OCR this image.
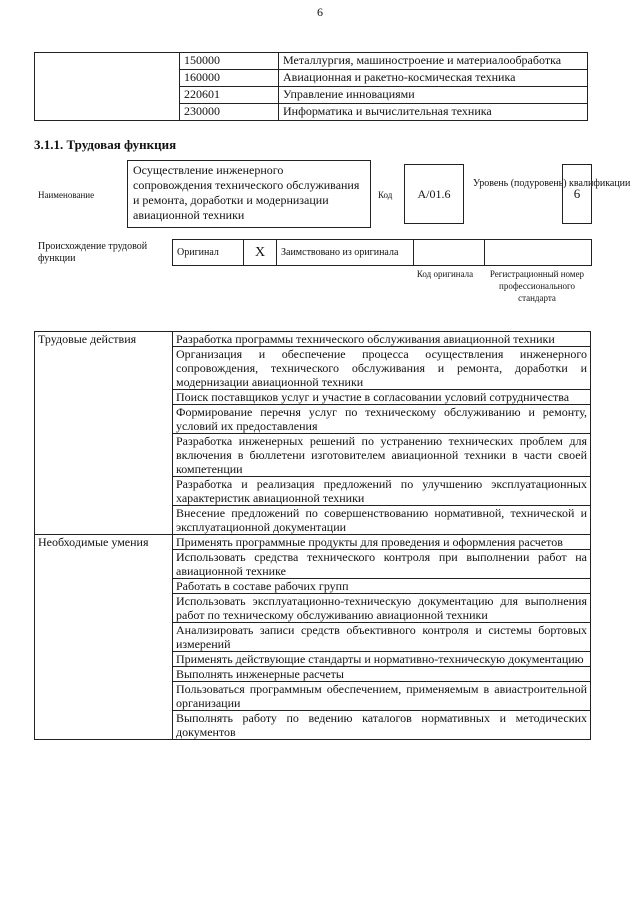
6
	150000	Металлургия, машиностроение и материалообработка
	160000	Авиационная и ракетно-космическая техника
	220601	Управление инновациями
	230000	Информатика и вычислительная техника
3.1.1. Трудовая функция
Наименование
Осуществление инженерного сопровождения технического обслуживания и ремонта, доработки и модернизации авиационной техники
Код	А/01.6
Уровень (подуровень) квалификации
6
Происхождение трудовой функции
Оригинал	X	Заимствовано из оригинала		
Код оригинала	Регистрационный номер профессионального стандарта
Трудовые действия	Разработка программы технического обслуживания авиационной техники
	Организация и обеспечение процесса осуществления инженерного сопровождения, технического обслуживания и ремонта, доработки и модернизации авиационной техники
	Поиск поставщиков услуг и участие в согласовании условий сотрудничества
	Формирование перечня услуг по техническому обслуживанию и ремонту, условий их предоставления
	Разработка инженерных решений по устранению технических проблем для включения в бюллетени изготовителем авиационной техники в части своей компетенции
	Разработка и реализация предложений по улучшению эксплуатационных характеристик авиационной техники
	Внесение предложений по совершенствованию нормативной, технической и эксплуатационной документации
Необходимые умения	Применять программные продукты для проведения и оформления расчетов
	Использовать средства технического контроля при выполнении работ на авиационной технике
	Работать в составе рабочих групп
	Использовать эксплуатационно-техническую документацию для выполнения работ по техническому обслуживанию авиационной техники
	Анализировать записи средств объективного контроля и системы бортовых измерений
	Применять действующие стандарты и нормативно-техническую документацию
	Выполнять инженерные расчеты
	Пользоваться программным обеспечением, применяемым в авиастроительной организации
	Выполнять работу по ведению каталогов нормативных и методических документов
